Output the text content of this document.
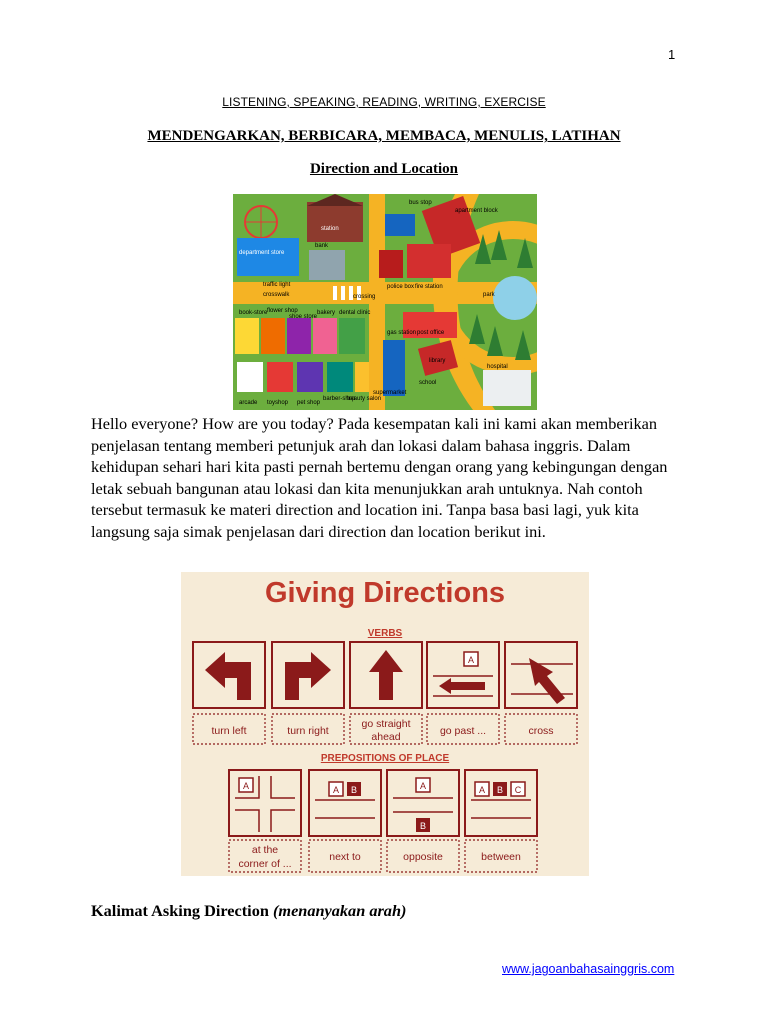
1
LISTENING, SPEAKING, READING, WRITING, EXERCISE
MENDENGARKAN, BERBICARA, MEMBACA, MENULIS, LATIHAN
Direction and Location
station
bus stop
apartment block
bank
department store
traffic light
crosswalk	crossing
police box fire station
park
book-store flower shop
shoe store
bakery dental clinic
gas station post office
library
hospital
school
supermarket
arcade toyshop pet shop
barber-shop
beauty salon
Hello everyone? How are you today? Pada kesempatan kali ini kami akan memberikan penjelasan tentang memberi petunjuk arah dan lokasi dalam bahasa inggris. Dalam kehidupan sehari hari kita pasti pernah bertemu dengan orang yang kebingungan dengan letak sebuah bangunan atau lokasi dan kita menunjukkan arah untuknya. Nah contoh tersebut termasuk ke materi direction and location ini. Tanpa basa basi lagi, yuk kita langsung saja simak penjelasan dari direction dan location berikut ini.
Giving Directions
VERBS
A
turn left	turn right
go straight
ahead	go past ...	cross
PREPOSITIONS OF PLACE
A	A B	A
B
A B C
at the
corner of ...
next to	opposite	between
Kalimat Asking Direction (menanyakan arah)
www.jagoanbahasainggris.com
